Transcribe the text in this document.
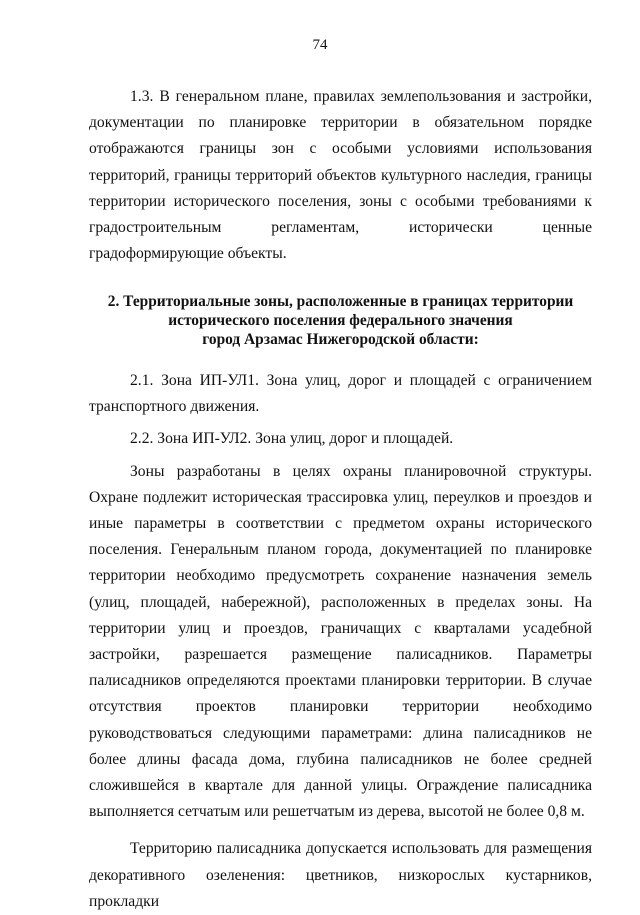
74

1.3. В генеральном плане, правилах землепользования и застройки, документации по планировке территории в обязательном порядке отображаются границы зон с особыми условиями использования территорий, границы территорий объектов культурного наследия, границы территории исторического поселения, зоны с особыми требованиями к градостроительным регламентам, исторически ценные градоформирующие объекты.

2. Территориальные зоны, расположенные в границах территории
исторического поселения федерального значения
город Арзамас Нижегородской области:

2.1. Зона ИП-УЛ1. Зона улиц, дорог и площадей с ограничением транспортного движения.

2.2. Зона ИП-УЛ2. Зона улиц, дорог и площадей.

Зоны разработаны в целях охраны планировочной структуры. Охране подлежит историческая трассировка улиц, переулков и проездов и иные параметры в соответствии с предметом охраны исторического поселения. Генеральным планом города, документацией по планировке территории необходимо предусмотреть сохранение назначения земель (улиц, площадей, набережной), расположенных в пределах зоны. На территории улиц и проездов, граничащих с кварталами усадебной застройки, разрешается размещение палисадников. Параметры палисадников определяются проектами планировки территории. В случае отсутствия проектов планировки территории необходимо руководствоваться следующими параметрами: длина палисадников не более длины фасада дома, глубина палисадников не более средней сложившейся в квартале для данной улицы. Ограждение палисадника выполняется сетчатым или решетчатым из дерева, высотой не более 0,8 м.

Территорию палисадника допускается использовать для размещения декоративного озеленения: цветников, низкорослых кустарников, прокладки
